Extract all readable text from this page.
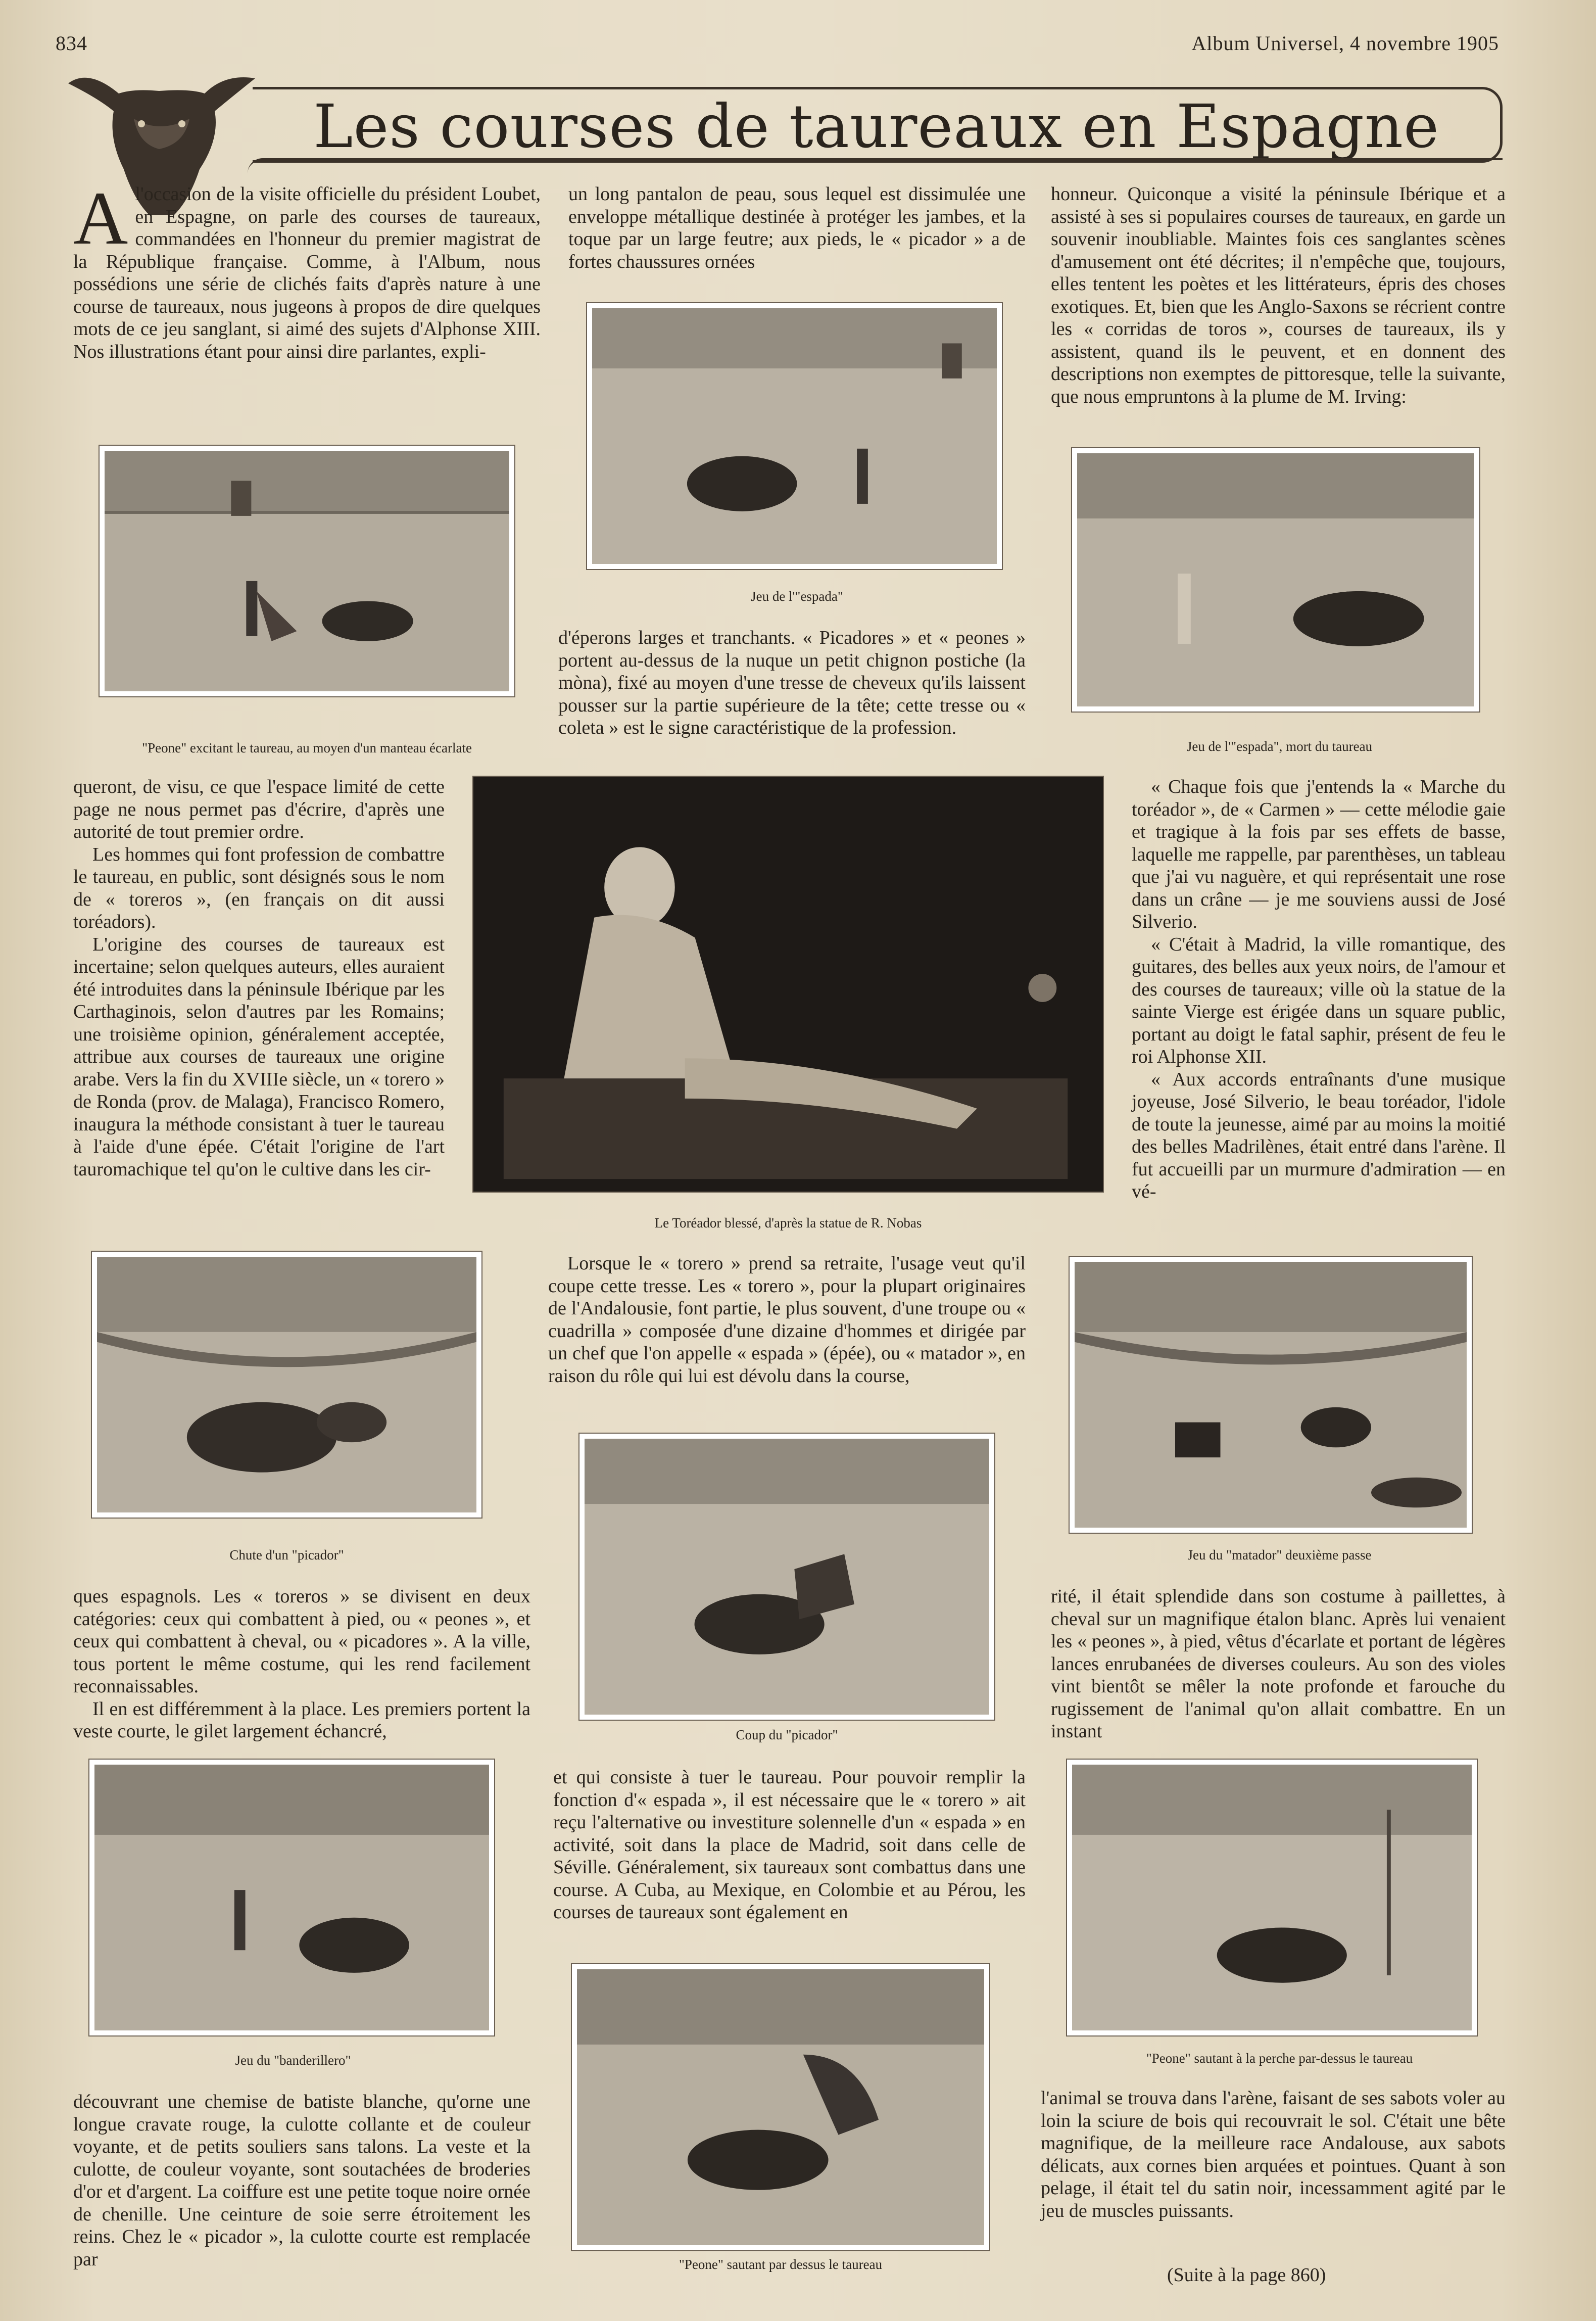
834	Album Universel, 4 novembre 1905
Les courses de taureaux en Espagne
A l'occasion de la visite officielle du président Loubet, en Espagne, on parle des courses de taureaux, commandées en l'honneur du premier magistrat de la République française. Comme, à l'Album, nous possédions une série de clichés faits d'après nature à une course de taureaux, nous jugeons à propos de dire quelques mots de ce jeu sanglant, si aimé des sujets d'Alphonse XIII. Nos illustrations étant pour ainsi dire parlantes, expli-
"Peone" excitant le taureau, au moyen d'un manteau écarlate

queront, de visu, ce que l'espace limité de cette page ne nous permet pas d'écrire, d'après une autorité de tout premier ordre.

Les hommes qui font profession de combattre le taureau, en public, sont désignés sous le nom de « toreros », (en français on dit aussi toréadors).

L'origine des courses de taureaux est incertaine; selon quelques auteurs, elles auraient été introduites dans la péninsule Ibérique par les Carthaginois, selon d'autres par les Romains; une troisième opinion, généralement acceptée, attribue aux courses de taureaux une origine arabe. Vers la fin du XVIIIe siècle, un « torero » de Ronda (prov. de Malaga), Francisco Romero, inaugura la méthode consistant à tuer le taureau à l'aide d'une épée. C'était l'origine de l'art tauromachique tel qu'on le cultive dans les cir-

Chute d'un "picador"

ques espagnols. Les « toreros » se divisent en deux catégories: ceux qui combattent à pied, ou « peones », et ceux qui combattent à cheval, ou « picadores ». A la ville, tous portent le même costume, qui les rend facilement reconnaissables.

Il en est différemment à la place. Les premiers portent la veste courte, le gilet largement échancré,

Jeu du "banderillero"

découvrant une chemise de batiste blanche, qu'orne une longue cravate rouge, la culotte collante et de couleur voyante, et de petits souliers sans talons. La veste et la culotte, de couleur voyante, sont soutachées de broderies d'or et d'argent. La coiffure est une petite toque noire ornée de chenille. Une ceinture de soie serre étroitement les reins. Chez le « picador », la culotte courte est remplacée par

un long pantalon de peau, sous lequel est dissimulée une enveloppe métallique destinée à protéger les jambes, et la toque par un large feutre; aux pieds, le « picador » a de fortes chaussures ornées

Jeu de l'"espada"

d'éperons larges et tranchants. « Picadores » et « peones » portent au-dessus de la nuque un petit chignon postiche (la mòna), fixé au moyen d'une tresse de cheveux qu'ils laissent pousser sur la partie supérieure de la tête; cette tresse ou « coleta » est le signe caractéristique de la profession.

Le Toréador blessé, d'après la statue de R. Nobas

Lorsque le « torero » prend sa retraite, l'usage veut qu'il coupe cette tresse. Les « torero », pour la plupart originaires de l'Andalousie, font partie, le plus souvent, d'une troupe ou « cuadrilla » composée d'une dizaine d'hommes et dirigée par un chef que l'on appelle « espada » (épée), ou « matador », en raison du rôle qui lui est dévolu dans la course,

Coup du "picador"

et qui consiste à tuer le taureau. Pour pouvoir remplir la fonction d'« espada », il est nécessaire que le « torero » ait reçu l'alternative ou investiture solennelle d'un « espada » en activité, soit dans la place de Madrid, soit dans celle de Séville. Généralement, six taureaux sont combattus dans une course. A Cuba, au Mexique, en Colombie et au Pérou, les courses de taureaux sont également en

"Peone" sautant par dessus le taureau

honneur. Quiconque a visité la péninsule Ibérique et a assisté à ses si populaires courses de taureaux, en garde un souvenir inoubliable. Maintes fois ces sanglantes scènes d'amusement ont été décrites; il n'empêche que, toujours, elles tentent les poètes et les littérateurs, épris des choses exotiques. Et, bien que les Anglo-Saxons se récrient contre les « corridas de toros », courses de taureaux, ils y assistent, quand ils le peuvent, et en donnent des descriptions non exemptes de pittoresque, telle la suivante, que nous empruntons à la plume de M. Irving:

Jeu de l'"espada", mort du taureau

« Chaque fois que j'entends la « Marche du toréador », de « Carmen » — cette mélodie gaie et tragique à la fois par ses effets de basse, laquelle me rappelle, par parenthèses, un tableau que j'ai vu naguère, et qui représentait une rose dans un crâne — je me souviens aussi de José Silverio.

« C'était à Madrid, la ville romantique, des guitares, des belles aux yeux noirs, de l'amour et des courses de taureaux; ville où la statue de la sainte Vierge est érigée dans un square public, portant au doigt le fatal saphir, présent de feu le roi Alphonse XII.

« Aux accords entraînants d'une musique joyeuse, José Silverio, le beau toréador, l'idole de toute la jeunesse, aimé par au moins la moitié des belles Madrilènes, était entré dans l'arène. Il fut accueilli par un murmure d'admiration — en vé-

Jeu du "matador" deuxième passe

rité, il était splendide dans son costume à paillettes, à cheval sur un magnifique étalon blanc. Après lui venaient les « peones », à pied, vêtus d'écarlate et portant de légères lances enrubanées de diverses couleurs. Au son des violes vint bientôt se mêler la note profonde et farouche du rugissement de l'animal qu'on allait combattre. En un instant

"Peone" sautant à la perche par-dessus le taureau

l'animal se trouva dans l'arène, faisant de ses sabots voler au loin la sciure de bois qui recouvrait le sol. C'était une bête magnifique, de la meilleure race Andalouse, aux sabots délicats, aux cornes bien arquées et pointues. Quant à son pelage, il était tel du satin noir, incessamment agité par le jeu de muscles puissants.

(Suite à la page 860)
